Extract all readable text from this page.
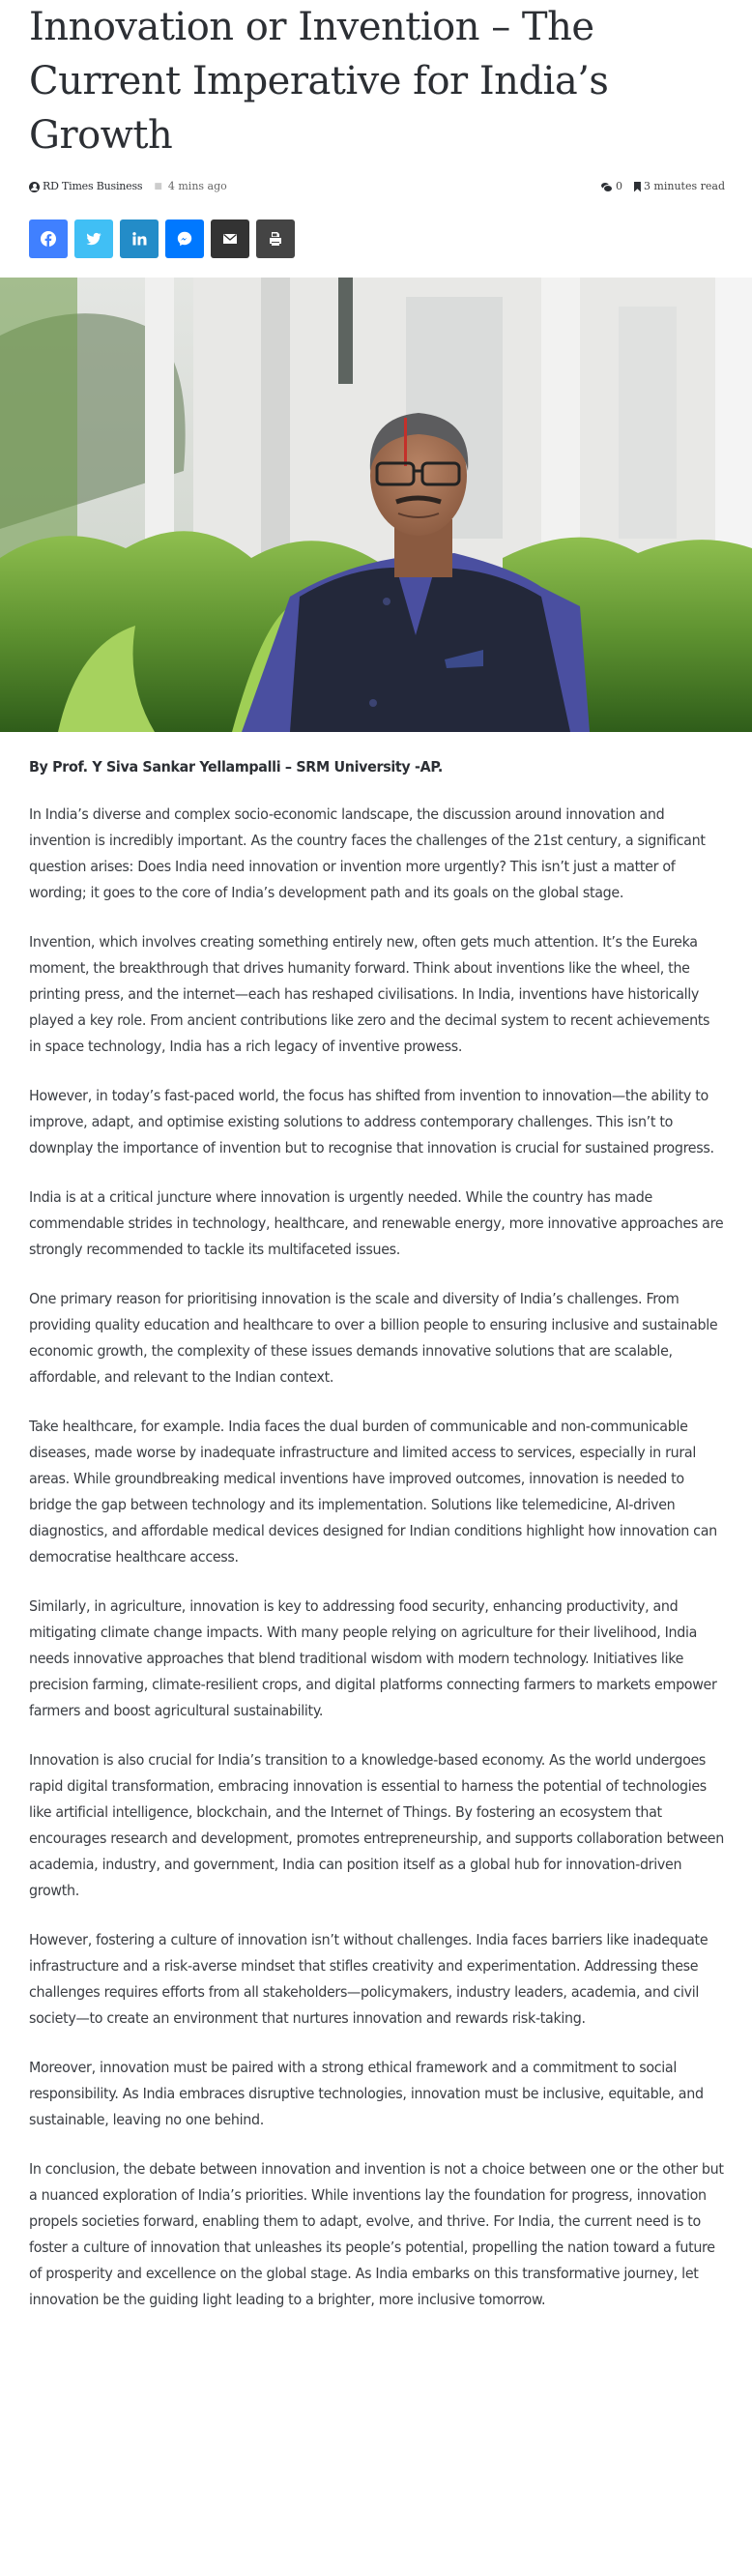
Innovation or Invention – The Current Imperative for India’s Growth
RD Times Business ■ 4 mins ago	0 3 minutes read

By Prof. Y Siva Sankar Yellampalli – SRM University -AP.

In India’s diverse and complex socio-economic landscape, the discussion around innovation and invention is incredibly important. As the country faces the challenges of the 21st century, a significant question arises: Does India need innovation or invention more urgently? This isn’t just a matter of wording; it goes to the core of India’s development path and its goals on the global stage.

Invention, which involves creating something entirely new, often gets much attention. It’s the Eureka moment, the breakthrough that drives humanity forward. Think about inventions like the wheel, the printing press, and the internet—each has reshaped civilisations. In India, inventions have historically played a key role. From ancient contributions like zero and the decimal system to recent achievements in space technology, India has a rich legacy of inventive prowess.

However, in today’s fast-paced world, the focus has shifted from invention to innovation—the ability to improve, adapt, and optimise existing solutions to address contemporary challenges. This isn’t to downplay the importance of invention but to recognise that innovation is crucial for sustained progress.

India is at a critical juncture where innovation is urgently needed. While the country has made commendable strides in technology, healthcare, and renewable energy, more innovative approaches are strongly recommended to tackle its multifaceted issues.

One primary reason for prioritising innovation is the scale and diversity of India’s challenges. From providing quality education and healthcare to over a billion people to ensuring inclusive and sustainable economic growth, the complexity of these issues demands innovative solutions that are scalable, affordable, and relevant to the Indian context.

Take healthcare, for example. India faces the dual burden of communicable and non-communicable diseases, made worse by inadequate infrastructure and limited access to services, especially in rural areas. While groundbreaking medical inventions have improved outcomes, innovation is needed to bridge the gap between technology and its implementation. Solutions like telemedicine, AI-driven diagnostics, and affordable medical devices designed for Indian conditions highlight how innovation can democratise healthcare access.

Similarly, in agriculture, innovation is key to addressing food security, enhancing productivity, and mitigating climate change impacts. With many people relying on agriculture for their livelihood, India needs innovative approaches that blend traditional wisdom with modern technology. Initiatives like precision farming, climate-resilient crops, and digital platforms connecting farmers to markets empower farmers and boost agricultural sustainability.

Innovation is also crucial for India’s transition to a knowledge-based economy. As the world undergoes rapid digital transformation, embracing innovation is essential to harness the potential of technologies like artificial intelligence, blockchain, and the Internet of Things. By fostering an ecosystem that encourages research and development, promotes entrepreneurship, and supports collaboration between academia, industry, and government, India can position itself as a global hub for innovation-driven growth.

However, fostering a culture of innovation isn’t without challenges. India faces barriers like inadequate infrastructure and a risk-averse mindset that stifles creativity and experimentation. Addressing these challenges requires efforts from all stakeholders—policymakers, industry leaders, academia, and civil society—to create an environment that nurtures innovation and rewards risk-taking.

Moreover, innovation must be paired with a strong ethical framework and a commitment to social responsibility. As India embraces disruptive technologies, innovation must be inclusive, equitable, and sustainable, leaving no one behind.

In conclusion, the debate between innovation and invention is not a choice between one or the other but a nuanced exploration of India’s priorities. While inventions lay the foundation for progress, innovation propels societies forward, enabling them to adapt, evolve, and thrive. For India, the current need is to foster a culture of innovation that unleashes its people’s potential, propelling the nation toward a future of prosperity and excellence on the global stage. As India embarks on this transformative journey, let innovation be the guiding light leading to a brighter, more inclusive tomorrow.
